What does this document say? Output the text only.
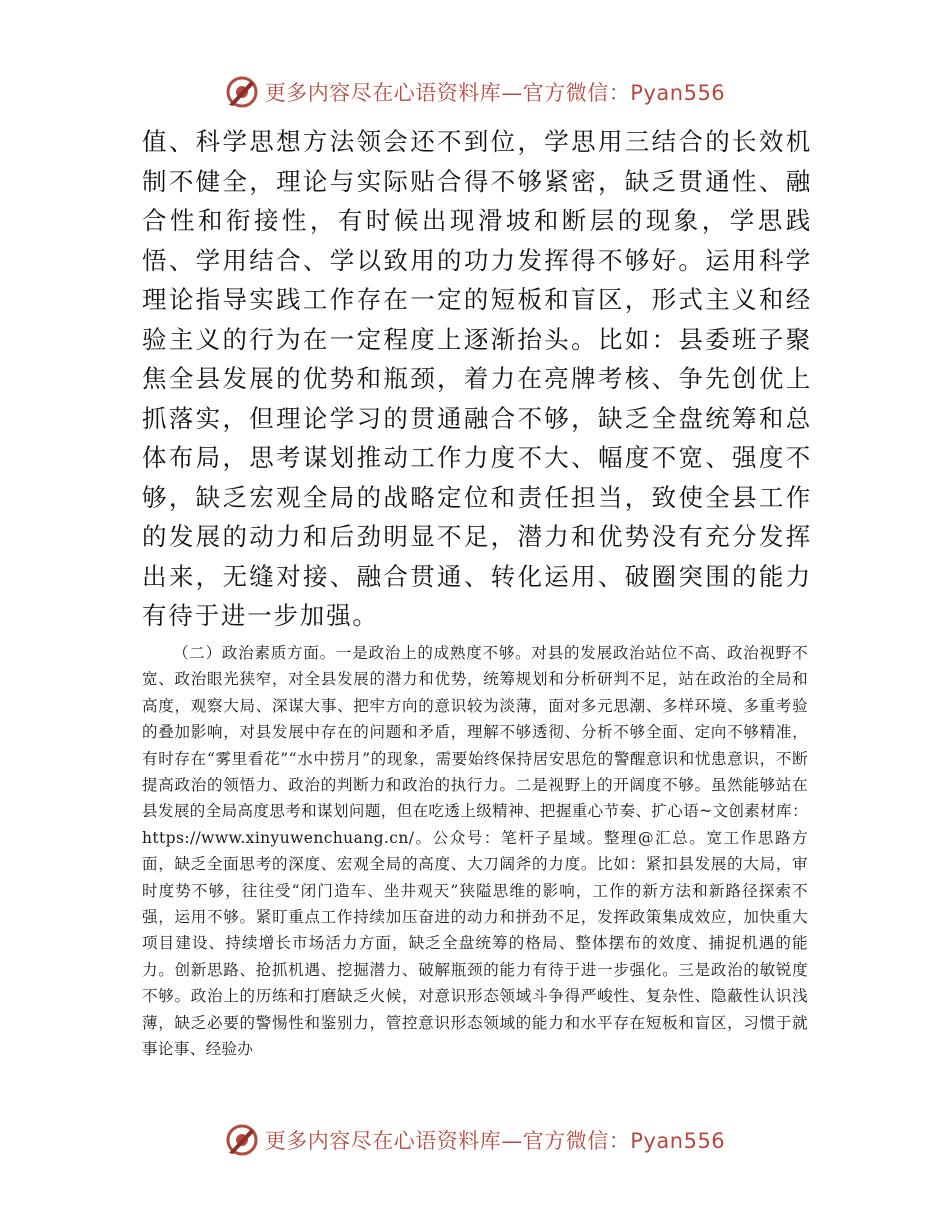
更多内容尽在心语资料库—官方微信：Pyan556

值、科学思想方法领会还不到位，学思用三结合的长效机制不健全，理论与实际贴合得不够紧密，缺乏贯通性、融合性和衔接性，有时候出现滑坡和断层的现象，学思践悟、学用结合、学以致用的功力发挥得不够好。运用科学理论指导实践工作存在一定的短板和盲区，形式主义和经验主义的行为在一定程度上逐渐抬头。比如：县委班子聚焦全县发展的优势和瓶颈，着力在亮牌考核、争先创优上抓落实，但理论学习的贯通融合不够，缺乏全盘统筹和总体布局，思考谋划推动工作力度不大、幅度不宽、强度不够，缺乏宏观全局的战略定位和责任担当，致使全县工作的发展的动力和后劲明显不足，潜力和优势没有充分发挥出来，无缝对接、融合贯通、转化运用、破圈突围的能力有待于进一步加强。

（二）政治素质方面。一是政治上的成熟度不够。对县的发展政治站位不高、政治视野不宽、政治眼光狭窄，对全县发展的潜力和优势，统筹规划和分析研判不足，站在政治的全局和高度，观察大局、深谋大事、把牢方向的意识较为淡薄，面对多元思潮、多样环境、多重考验的叠加影响，对县发展中存在的问题和矛盾，理解不够透彻、分析不够全面、定向不够精准，有时存在“雾里看花”“水中捞月”的现象，需要始终保持居安思危的警醒意识和忧患意识，不断提高政治的领悟力、政治的判断力和政治的执行力。二是视野上的开阔度不够。虽然能够站在县发展的全局高度思考和谋划问题，但在吃透上级精神、把握重心节奏、扩心语~文创素材库：https://www.xinyuwenchuang.cn/。公众号：笔杆子星域。整理@汇总。宽工作思路方面，缺乏全面思考的深度、宏观全局的高度、大刀阔斧的力度。比如：紧扣县发展的大局，审时度势不够，往往受“闭门造车、坐井观天”狭隘思维的影响，工作的新方法和新路径探索不强，运用不够。紧盯重点工作持续加压奋进的动力和拼劲不足，发挥政策集成效应，加快重大项目建设、持续增长市场活力方面，缺乏全盘统筹的格局、整体摆布的效度、捕捉机遇的能力。创新思路、抢抓机遇、挖掘潜力、破解瓶颈的能力有待于进一步强化。三是政治的敏锐度不够。政治上的历练和打磨缺乏火候，对意识形态领域斗争得严峻性、复杂性、隐蔽性认识浅薄，缺乏必要的警惕性和鉴别力，管控意识形态领域的能力和水平存在短板和盲区，习惯于就事论事、经验办

更多内容尽在心语资料库—官方微信：Pyan556
